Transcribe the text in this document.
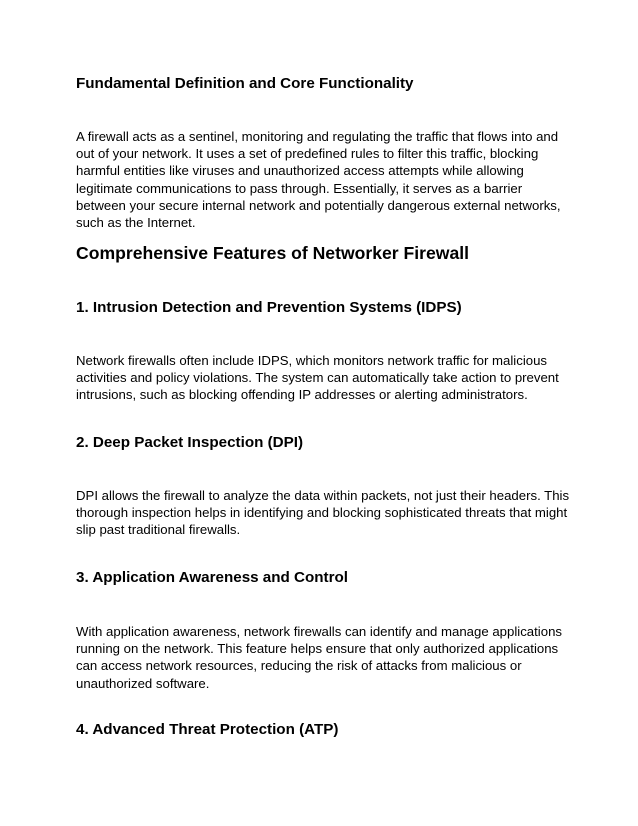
Fundamental Definition and Core Functionality

A firewall acts as a sentinel, monitoring and regulating the traffic that flows into and out of your network. It uses a set of predefined rules to filter this traffic, blocking harmful entities like viruses and unauthorized access attempts while allowing legitimate communications to pass through. Essentially, it serves as a barrier between your secure internal network and potentially dangerous external networks, such as the Internet.

Comprehensive Features of Networker Firewall
1. Intrusion Detection and Prevention Systems (IDPS)

Network firewalls often include IDPS, which monitors network traffic for malicious activities and policy violations. The system can automatically take action to prevent intrusions, such as blocking offending IP addresses or alerting administrators.

2. Deep Packet Inspection (DPI)

DPI allows the firewall to analyze the data within packets, not just their headers. This thorough inspection helps in identifying and blocking sophisticated threats that might slip past traditional firewalls.

3. Application Awareness and Control

With application awareness, network firewalls can identify and manage applications running on the network. This feature helps ensure that only authorized applications can access network resources, reducing the risk of attacks from malicious or unauthorized software.

4. Advanced Threat Protection (ATP)
